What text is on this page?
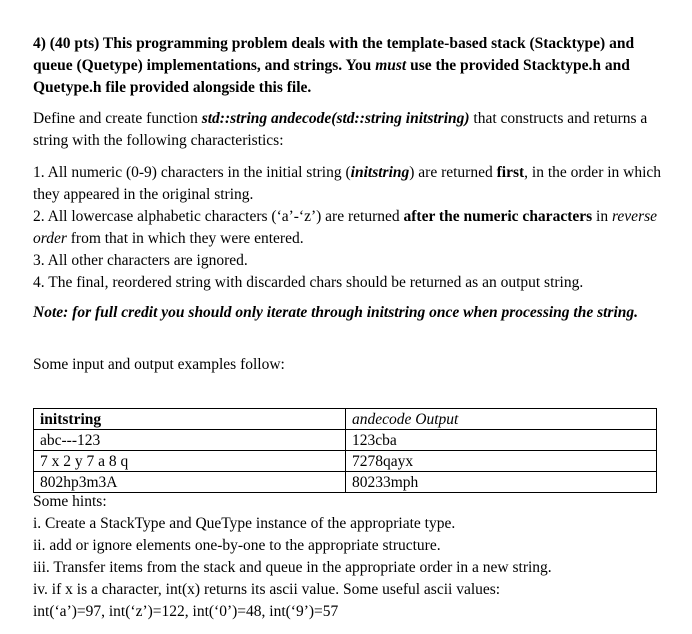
4) (40 pts) This programming problem deals with the template-based stack (Stacktype) and queue (Quetype) implementations, and strings. You must use the provided Stacktype.h and Quetype.h file provided alongside this file.
Define and create function std::string andecode(std::string initstring) that constructs and returns a string with the following characteristics:
1. All numeric (0-9) characters in the initial string (initstring) are returned first, in the order in which they appeared in the original string.
2. All lowercase alphabetic characters (‘a’-‘z’) are returned after the numeric characters in reverse order from that in which they were entered.
3. All other characters are ignored.
4. The final, reordered string with discarded chars should be returned as an output string.
Note: for full credit you should only iterate through initstring once when processing the string.
Some input and output examples follow:
initstring	andecode Output
abc---123	123cba
7 x 2 y 7 a 8 q	7278qayx
802hp3m3A	80233mph
Some hints:
i. Create a StackType and QueType instance of the appropriate type.
ii. add or ignore elements one-by-one to the appropriate structure.
iii. Transfer items from the stack and queue in the appropriate order in a new string.
iv. if x is a character, int(x) returns its ascii value. Some useful ascii values:
int(‘a’)=97, int(‘z’)=122, int(‘0’)=48, int(‘9’)=57
